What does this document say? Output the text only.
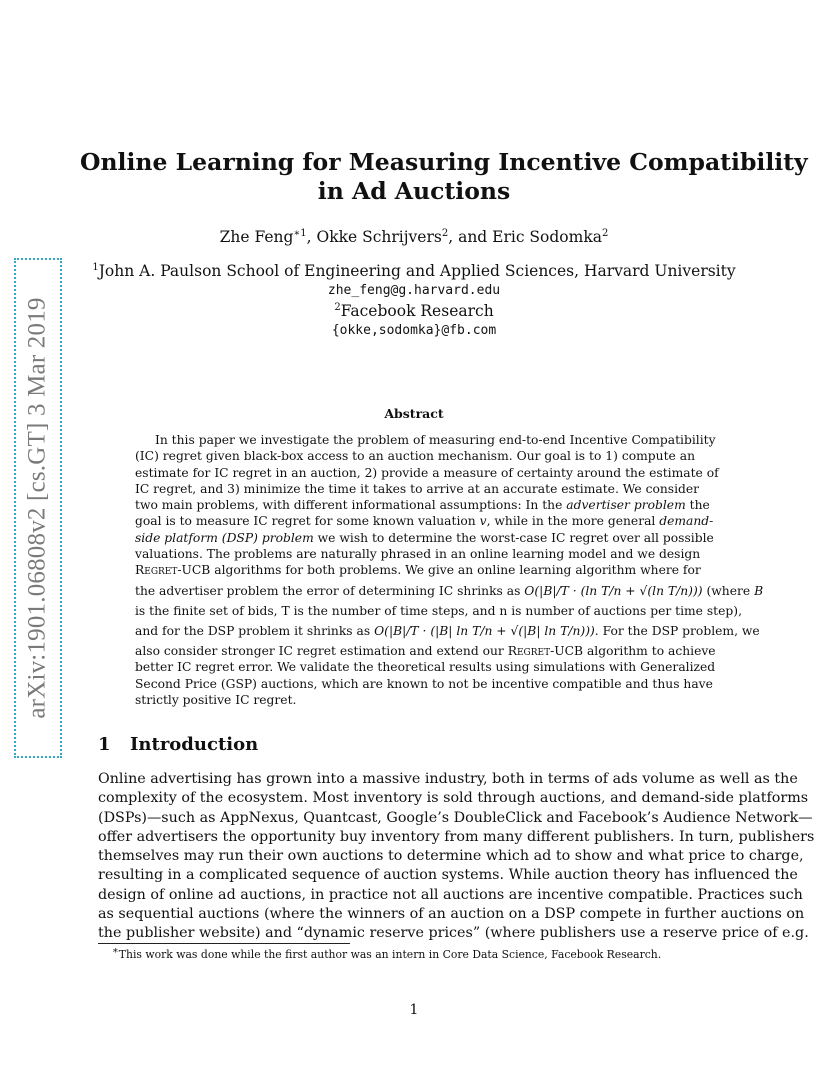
arXiv:1901.06808v2 [cs.GT] 3 Mar 2019
Online Learning for Measuring Incentive Compatibility
in Ad Auctions
Zhe Feng$^{∗1}$, Okke Schrijvers$^2$, and Eric Sodomka$^2$
$^1$John A. Paulson School of Engineering and Applied Sciences, Harvard University
zhe_feng@g.harvard.edu
$^2$Facebook Research
{okke,sodomka}@fb.com
Abstract
In this paper we investigate the problem of measuring end-to-end Incentive Compatibility
(IC) regret given black-box access to an auction mechanism. Our goal is to 1) compute an
estimate for IC regret in an auction, 2) provide a measure of certainty around the estimate of
IC regret, and 3) minimize the time it takes to arrive at an accurate estimate. We consider
two main problems, with different informational assumptions: In the advertiser problem the
goal is to measure IC regret for some known valuation v, while in the more general demand-
side platform (DSP) problem we wish to determine the worst-case IC regret over all possible
valuations. The problems are naturally phrased in an online learning model and we design
Regret-UCB algorithms for both problems. We give an online learning algorithm where for
the advertiser problem the error of determining IC shrinks as O(|B|/T · (ln T/n + √(ln T/n))) (where B
is the finite set of bids, T is the number of time steps, and n is number of auctions per time step),
and for the DSP problem it shrinks as O(|B|/T · (|B| ln T/n + √(|B| ln T/n))). For the DSP problem, we
also consider stronger IC regret estimation and extend our Regret-UCB algorithm to achieve
better IC regret error. We validate the theoretical results using simulations with Generalized
Second Price (GSP) auctions, which are known to not be incentive compatible and thus have
strictly positive IC regret.
1 Introduction
Online advertising has grown into a massive industry, both in terms of ads volume as well as the
complexity of the ecosystem. Most inventory is sold through auctions, and demand-side platforms
(DSPs)—such as AppNexus, Quantcast, Google’s DoubleClick and Facebook’s Audience Network—
offer advertisers the opportunity buy inventory from many different publishers. In turn, publishers
themselves may run their own auctions to determine which ad to show and what price to charge,
resulting in a complicated sequence of auction systems. While auction theory has influenced the
design of online ad auctions, in practice not all auctions are incentive compatible. Practices such
as sequential auctions (where the winners of an auction on a DSP compete in further auctions on
the publisher website) and “dynamic reserve prices” (where publishers use a reserve price of e.g.
∗This work was done while the first author was an intern in Core Data Science, Facebook Research.
1
